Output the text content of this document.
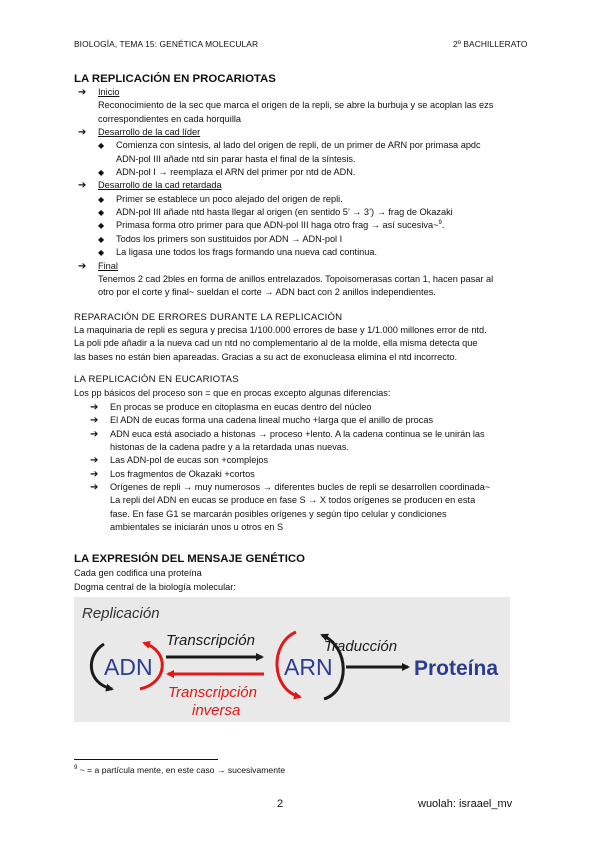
BIOLOGÍA, TEMA 15: GENÉTICA MOLECULAR	2º BACHILLERATO
LA REPLICACIÓN EN PROCARIOTAS
➔	Inicio
Reconocimiento de la sec que marca el origen de la repli, se abre la burbuja y se acoplan las ezs
correspondientes en cada horquilla
➔	Desarrollo de la cad líder
◆	Comienza con síntesis, al lado del origen de repli, de un primer de ARN por primasa apdc
ADN-pol III añade ntd sin parar hasta el final de la síntesis.
◆	ADN-pol I → reemplaza el ARN del primer por ntd de ADN.
➔	Desarrollo de la cad retardada
◆	Primer se establece un poco alejado del origen de repli.
◆	ADN-pol III añade ntd hasta llegar al origen (en sentido 5’ → 3’) → frag de Okazaki
◆	Primasa forma otro primer para que ADN-pol III haga otro frag → así sucesiva~$^9$.
◆	Todos los primers son sustituidos por ADN → ADN-pol I
◆	La ligasa une todos los frags formando una nueva cad continua.
➔	Final
Tenemos 2 cad 2bles en forma de anillos entrelazados. Topoisomerasas cortan 1, hacen pasar al
otro por el corte y final~ sueldan el corte → ADN bact con 2 anillos independientes.
REPARACIÓN DE ERRORES DURANTE LA REPLICACIÓN
La maquinaria de repli es segura y precisa 1/100.000 errores de base y 1/1.000 millones error de ntd.
La poli pde añadir a la nueva cad un ntd no complementario al de la molde, ella misma detecta que
las bases no están bien apareadas. Gracias a su act de exonucleasa elimina el ntd incorrecto.
LA REPLICACIÓN EN EUCARIOTAS
Los pp básicos del proceso son = que en procas excepto algunas diferencias:
➔	En procas se produce en citoplasma en eucas dentro del núcleo
➔	El ADN de eucas forma una cadena lineal mucho +larga que el anillo de procas
➔	ADN euca está asociado a histonas → proceso +lento. A la cadena continua se le unirán las
histonas de la cadena padre y a la retardada unas nuevas.
➔	Las ADN-pol de eucas son +complejos
➔	Los fragmentos de Okazaki +cortos
➔	Orígenes de repli → muy numerosos → diferentes bucles de repli se desarrollen coordinada~
La repli del ADN en eucas se produce en fase S → X todos orígenes se producen en esta
fase. En fase G1 se marcarán posibles orígenes y según tipo celular y condiciones
ambientales se iniciarán unos u otros en S
LA EXPRESIÓN DEL MENSAJE GENÉTICO
Cada gen codifica una proteína
Dogma central de la biología molecular:
Replicación
ADN
Transcripción
Transcripción
inversa
ARN
Traducción
Proteína
$^9$ ~ = a partícula mente, en este caso → sucesivamente
2	wuolah: israael_mv
